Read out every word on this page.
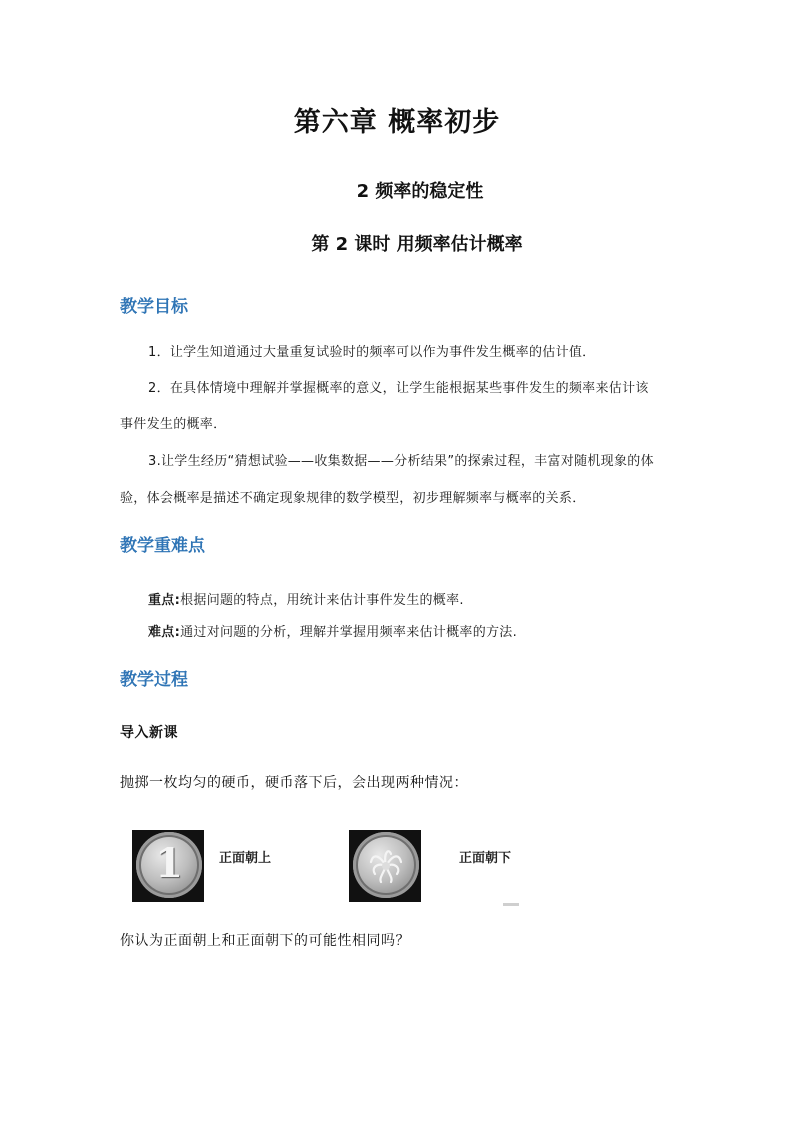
第六章 概率初步
2 频率的稳定性
第 2 课时 用频率估计概率
教学目标
1．让学生知道通过大量重复试验时的频率可以作为事件发生概率的估计值．
2．在具体情境中理解并掌握概率的意义，让学生能根据某些事件发生的频率来估计该
事件发生的概率．
3.让学生经历“猜想试验——收集数据——分析结果”的探索过程，丰富对随机现象的体
验，体会概率是描述不确定现象规律的数学模型，初步理解频率与概率的关系．
教学重难点
重点:根据问题的特点，用统计来估计事件发生的概率.
难点:通过对问题的分析，理解并掌握用频率来估计概率的方法.
教学过程
导入新课
抛掷一枚均匀的硬币，硬币落下后，会出现两种情况：
1	正面朝上	正面朝下
你认为正面朝上和正面朝下的可能性相同吗？
